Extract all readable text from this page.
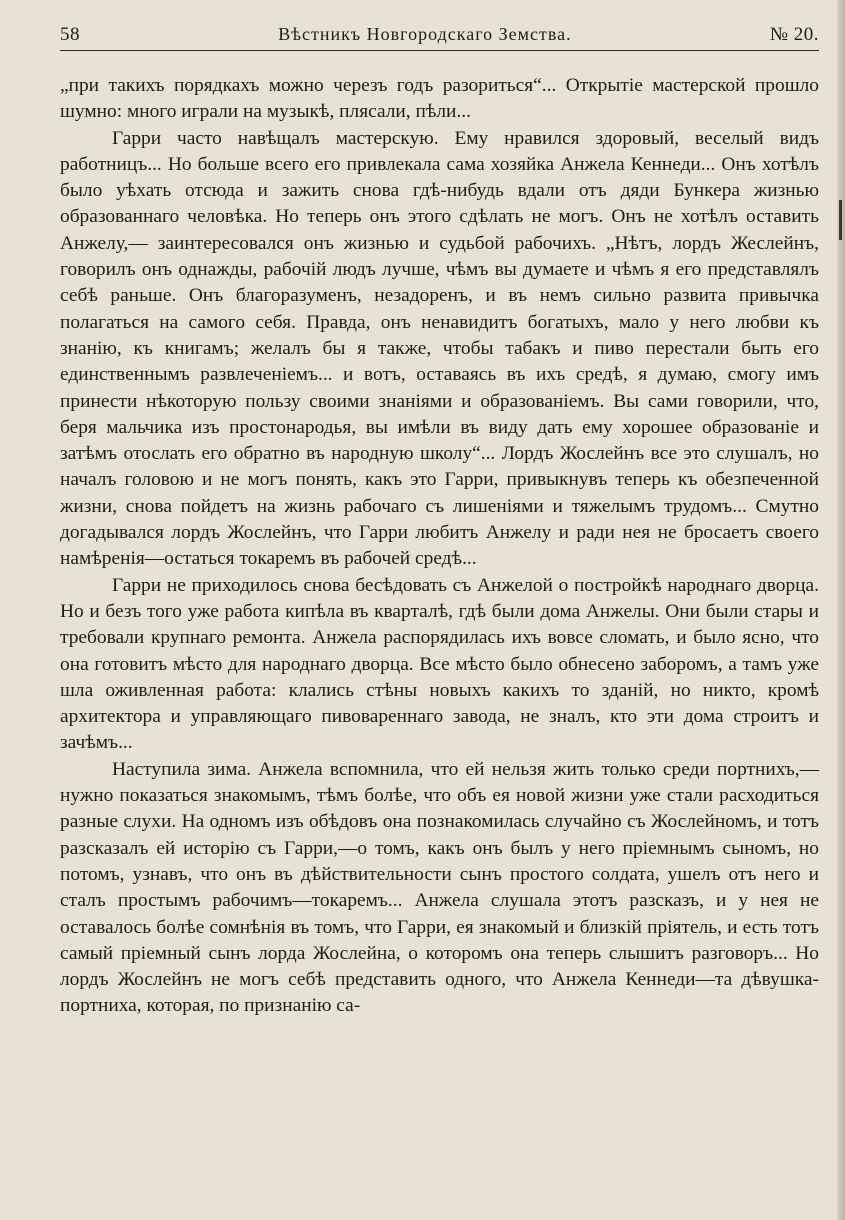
58	Вѣстникъ Новгородскаго Земства.	№ 20.

„при такихъ порядкахъ можно черезъ годъ разориться“... Открытіе мастерской прошло шумно: много играли на музыкѣ, плясали, пѣли...

Гарри часто навѣщалъ мастерскую. Ему нравился здоровый, веселый видъ работницъ... Но больше всего его привлекала сама хозяйка Анжела Кеннеди... Онъ хотѣлъ было уѣхать отсюда и зажить снова гдѣ-нибудь вдали отъ дяди Бункера жизнью образованнаго человѣка. Но теперь онъ этого сдѣлать не могъ. Онъ не хотѣлъ оставить Анжелу,— заинтересовался онъ жизнью и судьбой рабочихъ. „Нѣтъ, лордъ Жеслейнъ, говорилъ онъ однажды, рабочій людъ лучше, чѣмъ вы думаете и чѣмъ я его представлялъ себѣ раньше. Онъ благоразуменъ, незадоренъ, и въ немъ сильно развита привычка полагаться на самого себя. Правда, онъ ненавидитъ богатыхъ, мало у него любви къ знанію, къ книгамъ; желалъ бы я также, чтобы табакъ и пиво перестали быть его единственнымъ развлеченіемъ... и вотъ, оставаясь въ ихъ средѣ, я думаю, смогу имъ принести нѣкоторую пользу своими знаніями и образованіемъ. Вы сами говорили, что, беря мальчика изъ простонародья, вы имѣли въ виду дать ему хорошее образованіе и затѣмъ отослать его обратно въ народную школу“... Лордъ Жослейнъ все это слушалъ, но началъ головою и не могъ понять, какъ это Гарри, привыкнувъ теперь къ обезпеченной жизни, снова пойдетъ на жизнь рабочаго съ лишеніями и тяжелымъ трудомъ... Смутно догадывался лордъ Жослейнъ, что Гарри любитъ Анжелу и ради нея не бросаетъ своего намѣренія—остаться токаремъ въ рабочей средѣ...

Гарри не приходилось снова бесѣдовать съ Анжелой о постройкѣ народнаго дворца. Но и безъ того уже работа кипѣла въ кварталѣ, гдѣ были дома Анжелы. Они были стары и требовали крупнаго ремонта. Анжела распорядилась ихъ вовсе сломать, и было ясно, что она готовитъ мѣсто для народнаго дворца. Все мѣсто было обнесено заборомъ, а тамъ уже шла оживленная работа: клались стѣны новыхъ какихъ то зданій, но никто, кромѣ архитектора и управляющаго пивовареннаго завода, не зналъ, кто эти дома строитъ и зачѣмъ...

Наступила зима. Анжела вспомнила, что ей нельзя жить только среди портнихъ,—нужно показаться знакомымъ, тѣмъ болѣе, что объ ея новой жизни уже стали расходиться разные слухи. На одномъ изъ обѣдовъ она познакомилась случайно съ Жослейномъ, и тотъ разсказалъ ей исторію съ Гарри,—о томъ, какъ онъ былъ у него пріемнымъ сыномъ, но потомъ, узнавъ, что онъ въ дѣйствительности сынъ простого солдата, ушелъ отъ него и сталъ простымъ рабочимъ—токаремъ... Анжела слушала этотъ разсказъ, и у нея не оставалось болѣе сомнѣнія въ томъ, что Гарри, ея знакомый и близкій пріятель, и есть тотъ самый пріемный сынъ лорда Жослейна, о которомъ она теперь слышитъ разговоръ... Но лордъ Жослейнъ не могъ себѣ представить одного, что Анжела Кеннеди—та дѣвушка-портниха, которая, по признанію са-
